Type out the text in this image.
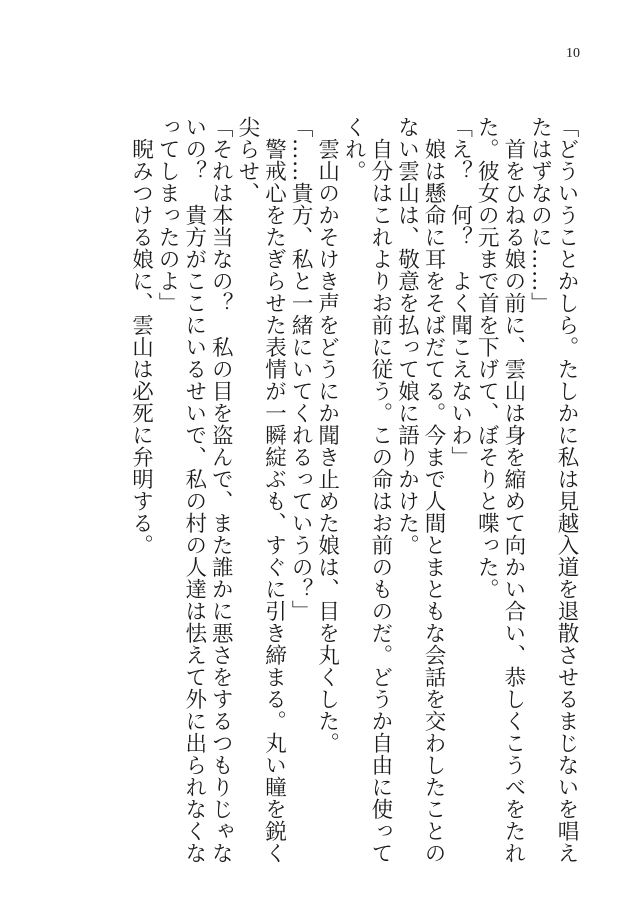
10
「どういうことかしら。たしかに私は見越入道を退散させるまじないを唱え
たはずなのに……」
　首をひねる娘の前に、雲山は身を縮めて向かい合い、恭しくこうべをたれ
た。彼女の元まで首を下げて、ぼそりと喋った。
「え？　何？　よく聞こえないわ」
　娘は懸命に耳をそばだてる。今まで人間とまともな会話を交わしたことの
ない雲山は、敬意を払って娘に語りかけた。
　自分はこれよりお前に従う。この命はお前のものだ。どうか自由に使って
くれ。
　雲山のかそけき声をどうにか聞き止めた娘は、目を丸くした。
「……貴方、私と一緒にいてくれるっていうの？」
　警戒心をたぎらせた表情が一瞬綻ぶも、すぐに引き締まる。丸い瞳を鋭く
尖らせ、
「それは本当なの？　私の目を盗んで、また誰かに悪さをするつもりじゃな
いの？　貴方がここにいるせいで、私の村の人達は怯えて外に出られなくな
ってしまったのよ」
　睨みつける娘に、雲山は必死に弁明する。
